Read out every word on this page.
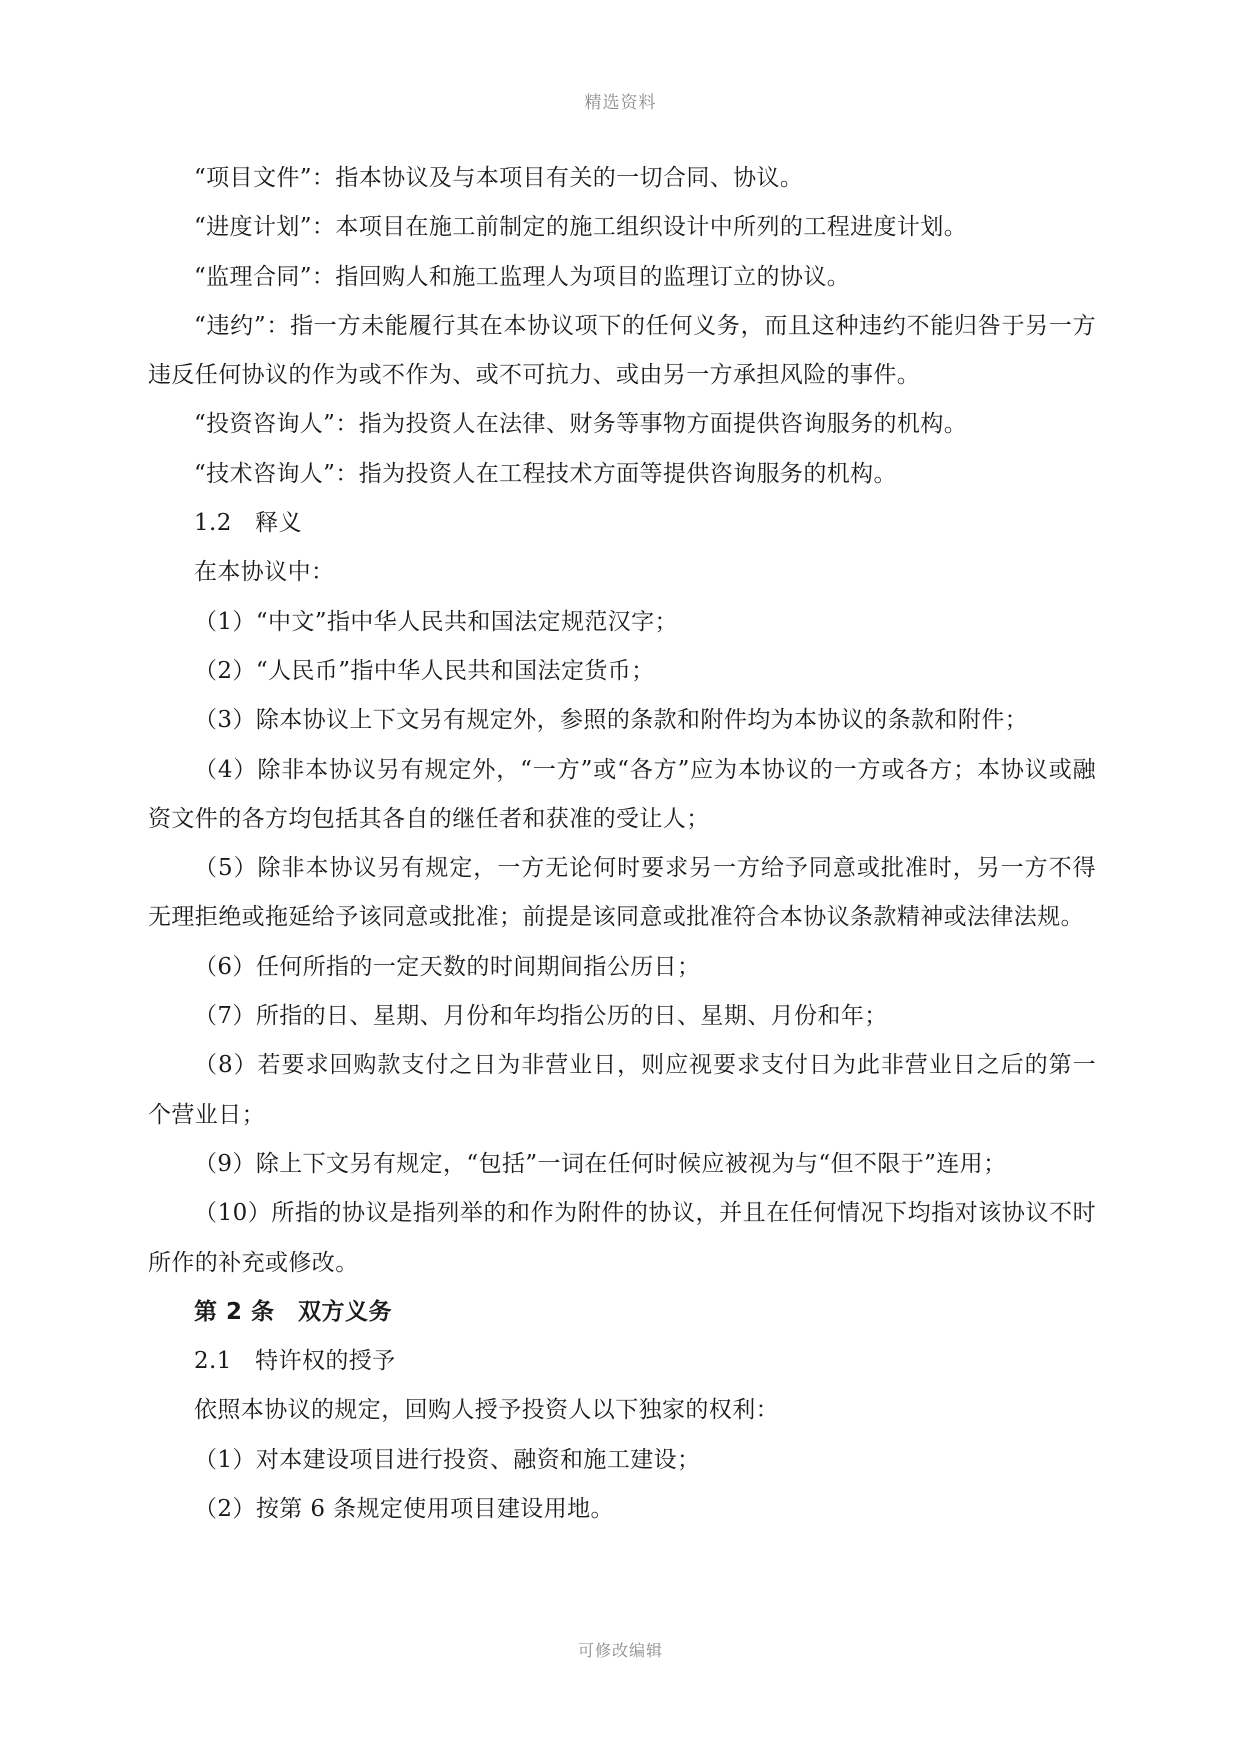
精选资料

“项目文件”：指本协议及与本项目有关的一切合同、协议。

“进度计划”：本项目在施工前制定的施工组织设计中所列的工程进度计划。

“监理合同”：指回购人和施工监理人为项目的监理订立的协议。

“违约”：指一方未能履行其在本协议项下的任何义务，而且这种违约不能归咎于另一方违反任何协议的作为或不作为、或不可抗力、或由另一方承担风险的事件。

“投资咨询人”：指为投资人在法律、财务等事物方面提供咨询服务的机构。

“技术咨询人”：指为投资人在工程技术方面等提供咨询服务的机构。

1.2　释义

在本协议中：

（1）“中文”指中华人民共和国法定规范汉字；

（2）“人民币”指中华人民共和国法定货币；

（3）除本协议上下文另有规定外，参照的条款和附件均为本协议的条款和附件；

（4）除非本协议另有规定外，“一方”或“各方”应为本协议的一方或各方；本协议或融资文件的各方均包括其各自的继任者和获准的受让人；

（5）除非本协议另有规定，一方无论何时要求另一方给予同意或批准时，另一方不得无理拒绝或拖延给予该同意或批准；前提是该同意或批准符合本协议条款精神或法律法规。

（6）任何所指的一定天数的时间期间指公历日；

（7）所指的日、星期、月份和年均指公历的日、星期、月份和年；

（8）若要求回购款支付之日为非营业日，则应视要求支付日为此非营业日之后的第一个营业日；

（9）除上下文另有规定，“包括”一词在任何时候应被视为与“但不限于”连用；

（10）所指的协议是指列举的和作为附件的协议，并且在任何情况下均指对该协议不时所作的补充或修改。

第 2 条　双方义务

2.1　特许权的授予

依照本协议的规定，回购人授予投资人以下独家的权利：

（1）对本建设项目进行投资、融资和施工建设；

（2）按第 6 条规定使用项目建设用地。

可修改编辑
